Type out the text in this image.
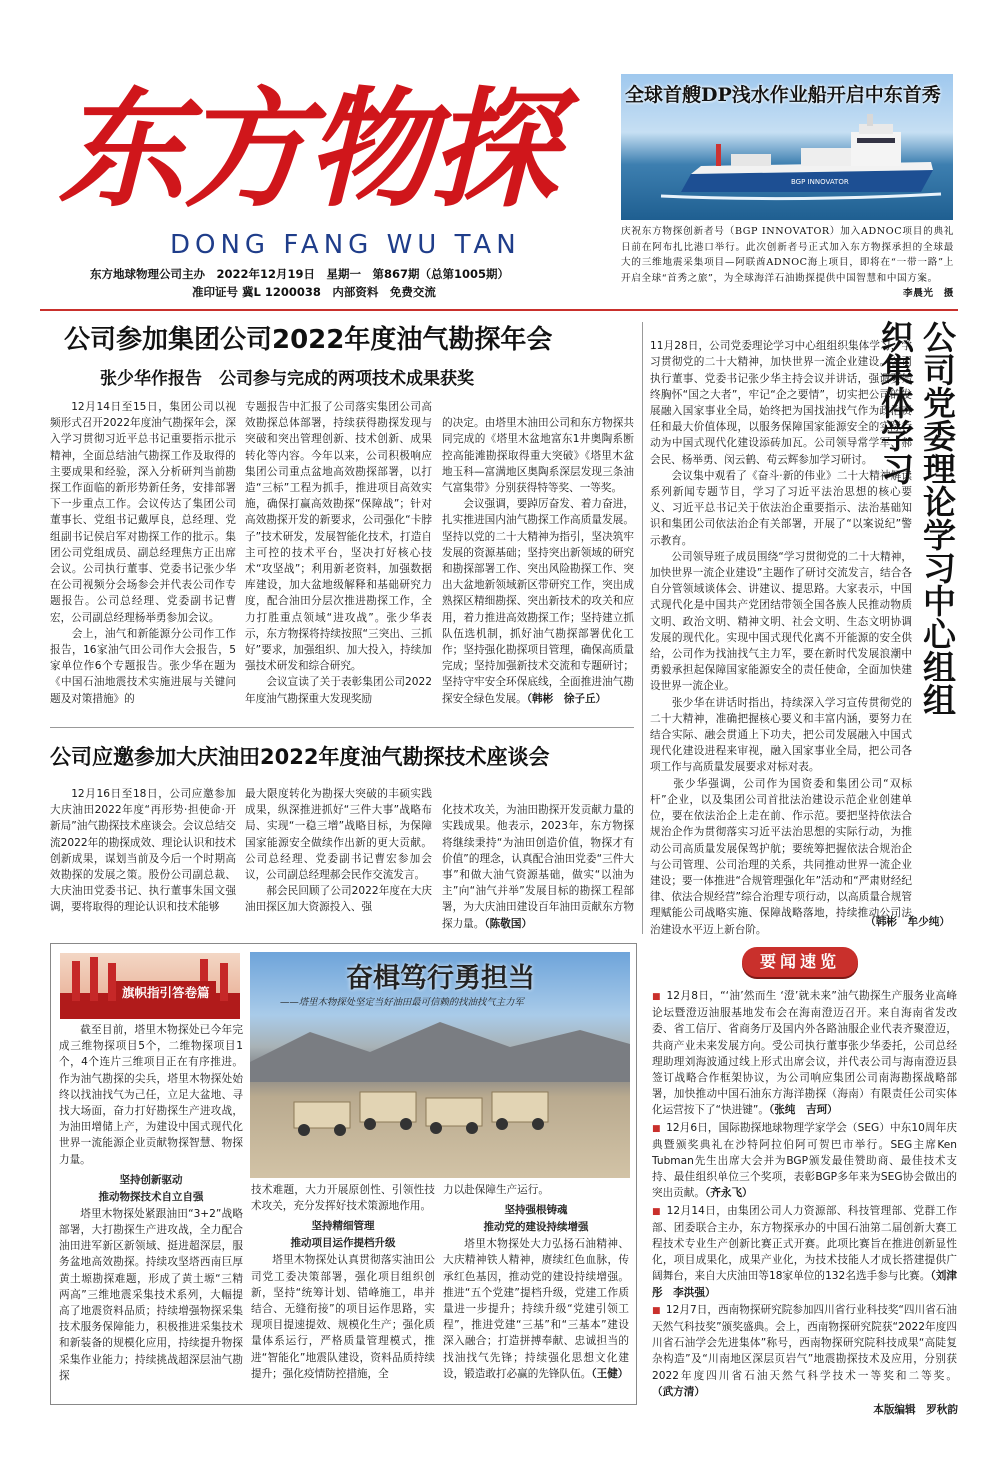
东方物探
DONG FANG WU TAN
东方地球物理公司主办　2022年12月19日　星期一　第867期（总第1005期）
准印证号 冀L 1200038　内部资料　免费交流
全球首艘DP浅水作业船开启中东首秀
BGP INNOVATOR
庆祝东方物探创新者号（BGP INNOVATOR）加入ADNOC项目的典礼日前在阿布扎比港口举行。此次创新者号正式加入东方物探承担的全球最大的三维地震采集项目—阿联酋ADNOC海上项目，即将在“一带一路”上开启全球“首秀之旅”，为全球海洋石油勘探提供中国智慧和中国方案。
李晨光　摄
公司参加集团公司2022年度油气勘探年会
张少华作报告　公司参与完成的两项技术成果获奖

12月14日至15日，集团公司以视频形式召开2022年度油气勘探年会，深入学习贯彻习近平总书记重要指示批示精神，全面总结油气勘探工作及取得的主要成果和经验，深入分析研判当前勘探工作面临的新形势新任务，安排部署下一步重点工作。会议传达了集团公司董事长、党组书记戴厚良，总经理、党组副书记侯启军对勘探工作的批示。集团公司党组成员、副总经理焦方正出席会议。公司执行董事、党委书记张少华在公司视频分会场参会并代表公司作专题报告。公司总经理、党委副书记曹宏，公司副总经理杨举勇参加会议。
　　会上，油气和新能源分公司作工作报告，16家油气田公司作大会报告，5家单位作6个专题报告。张少华在题为《中国石油地震技术实施进展与关键问题及对策措施》的

专题报告中汇报了公司落实集团公司高效勘探总体部署，持续获得勘探发现与突破和突出管理创新、技术创新、成果转化等内容。今年以来，公司积极响应集团公司重点盆地高效勘探部署，以打造“三标”工程为抓手，推进项目高效实施，确保打赢高效勘探“保障战”；针对高效勘探开发的新要求，公司强化“卡脖子”技术研发，发展智能化技术，打造自主可控的技术平台，坚决打好核心技术“攻坚战”；利用新老资料，加强数据库建设，加大盆地级解释和基础研究力度，配合油田分层次推进勘探工作，全力打胜重点领域“进攻战”。张少华表示，东方物探将持续按照“三突出、三抓好”要求，加强组织、加大投入，持续加强技术研发和综合研究。
　　会议宣读了关于表彰集团公司2022年度油气勘探重大发现奖励

的决定。由塔里木油田公司和东方物探共同完成的《塔里木盆地富东1井奥陶系断控高能滩勘探取得重大突破》《塔里木盆地玉科—富满地区奥陶系深层发现三条油气富集带》分别获得特等奖、一等奖。
　　会议强调，要踔厉奋发、着力奋进，扎实推进国内油气勘探工作高质量发展。坚持以党的二十大精神为指引，坚决筑牢发展的资源基础；坚持突出新领域的研究和勘探部署工作、突出风险勘探工作、突出大盆地新领域新区带研究工作，突出成熟探区精细勘探、突出新技术的攻关和应用，着力推进高效勘探工作；坚持建立抓队伍选机制，抓好油气勘探部署优化工作；坚持强化勘探项目管理，确保高质量完成；坚持加强新技术交流和专题研讨；坚持守牢安全环保底线，全面推进油气勘探安全绿色发展。（韩彬　徐子丘）

公司应邀参加大庆油田2022年度油气勘探技术座谈会

12月16日至18日，公司应邀参加大庆油田2022年度“再形势·担使命·开新局”油气勘探技术座谈会。会议总结交流2022年的勘探成效、理论认识和技术创新成果，谋划当前及今后一个时期高效勘探的发展之策。股份公司副总裁、大庆油田党委书记、执行董事朱国文强调，要将取得的理论认识和技术能够

最大限度转化为勘探大突破的丰硕实践成果，纵深推进抓好“三件大事”战略布局、实现“一稳三增”战略目标，为保障国家能源安全做续作出新的更大贡献。公司总经理、党委副书记曹宏参加会议，公司副总经理郝会民作交流发言。
　　郝会民回顾了公司2022年度在大庆油田探区加大资源投入、强

化技术攻关，为油田勘探开发贡献力量的实践成果。他表示，2023年，东方物探将继续秉持“为油田创造价值，物探才有价值”的理念，认真配合油田党委“三件大事”和做大油气资源基础，做实“以油为主”向“油气并举”发展目标的勘探工程部署，为大庆油田建设百年油田贡献东方物探力量。（陈敬国）

11月28日，公司党委理论学习中心组组织集体学习，学习贯彻党的二十大精神，加快世界一流企业建设。公司执行董事、党委书记张少华主持会议并讲话，强调要始终胸怀“国之大者”，牢记“企之要情”，切实把公司的发展融入国家事业全局，始终把为国找油找气作为政治责任和最大价值体现，以服务保障国家能源安全的实际行动为中国式现代化建设添砖加瓦。公司领导常学军、郝会民、杨举勇、闵云鹤、苟云辉参加学习研讨。
　　会议集中观看了《奋斗·新的伟业》二十大精神解读系列新闻专题节目，学习了习近平法治思想的核心要义、习近平总书记关于依法治企重要指示、法治基础知识和集团公司依法治企有关部署，开展了“以案说纪”警示教育。
　　公司领导班子成员围绕“学习贯彻党的二十大精神，加快世界一流企业建设”主题作了研讨交流发言，结合各自分管领域谈体会、讲建议、提思路。大家表示，中国式现代化是中国共产党团结带领全国各族人民推动物质文明、政治文明、精神文明、社会文明、生态文明协调发展的现代化。实现中国式现代化离不开能源的安全供给，公司作为找油找气主力军，要在新时代发展浪潮中勇毅承担起保障国家能源安全的责任使命，全面加快建设世界一流企业。
　　张少华在讲话时指出，持续深入学习宣传贯彻党的二十大精神，准确把握核心要义和丰富内涵，要努力在结合实际、融会贯通上下功夫，把公司发展融入中国式现代化建设进程来审视，融入国家事业全局，把公司各项工作与高质量发展要求对标对表。
　　张少华强调，公司作为国资委和集团公司“双标杆”企业，以及集团公司首批法治建设示范企业创建单位，要在依法治企上走在前、作示范。要把坚持依法合规治企作为贯彻落实习近平法治思想的实际行动，为推动公司高质量发展保驾护航；要统筹把握依法合规治企与公司管理、公司治理的关系，共同推动世界一流企业建设；要一体推进“合规管理强化年”活动和“严肃财经纪律、依法合规经营”综合治理专项行动，以高质量合规管理赋能公司战略实施、保障战略落地，持续推动公司法治建设水平迈上新台阶。

（韩彬　牟少纯）
公司党委理论学习中心组组织集体学习
旗帜指引答卷篇	奋楫笃行勇担当
——塔里木物探处坚定当好油田最可信赖的找油找气主力军

截至目前，塔里木物探处已今年完成三维物探项目5个，二维物探项目1个，4个连片三维项目正在有序推进。作为油气勘探的尖兵，塔里木物探处始终以找油找气为己任，立足大盆地、寻找大场面，奋力打好勘探生产进攻战，为油田增储上产，为建设中国式现代化世界一流能源企业贡献物探智慧、物探力量。

坚持创新驱动
推动物探技术自立自强

塔里木物探处紧跟油田“3+2”战略部署，大打勘探生产进攻战，全力配合油田进军新区新领域、挺进超深层，服务盆地高效勘探。持续攻坚塔西南巨厚黄土塬勘探难题，形成了黄土塬“三精两高”三维地震采集技术系列，大幅提高了地震资料品质；持续增强物探采集技术服务保障能力，积极推进采集技术和新装备的规模化应用，持续提升物探采集作业能力；持续挑战超深层油气勘探

技术难题，大力开展原创性、引领性技术攻关，充分发挥好技术策源地作用。

坚持精细管理
推动项目运作提档升级

塔里木物探处认真贯彻落实油田公司党工委决策部署，强化项目组织创新，坚持“统筹计划、错峰施工，串并结合、无缝衔接”的项目运作思路，实现项目提速提效、规模化生产；强化质量体系运行，严格质量管理模式，推进“智能化”地震队建设，资料品质持续提升；强化疫情防控措施，全

力以赴保障生产运行。

坚持强根铸魂
推动党的建设持续增强

塔里木物探处大力弘扬石油精神、大庆精神铁人精神，赓续红色血脉，传承红色基因，推动党的建设持续增强。推进“五个党建”提档升级，党建工作质量进一步提升；持续升级“党建引领工程”，推进党建“三基”和“三基本”建设深入融合；打造拼搏奉献、忠诚担当的找油找气先锋；持续强化思想文化建设，锻造敢打必赢的先锋队伍。（王健）

要闻速览

■ 12月8日，“‘油’然而生 ‘澄’就未来”油气勘探生产服务业高峰论坛暨澄迈油服基地发布会在海南澄迈召开。来自海南省发改委、省工信厅、省商务厅及国内外各路油服企业代表齐聚澄迈，共商产业未来发展方向。受公司执行董事张少华委托，公司总经理助理刘海波通过线上形式出席会议，并代表公司与海南澄迈县签订战略合作框架协议，为公司响应集团公司南海勘探战略部署，加快推动中国石油东方海洋勘探（海南）有限责任公司实体化运营按下了“快进键”。（张纯　吉珂）

■ 12月6日，国际勘探地球物理学家学会（SEG）中东10周年庆典暨颁奖典礼在沙特阿拉伯阿可贺巴市举行。SEG主席Ken Tubman先生出席大会并为BGP颁发最佳赞助商、最佳技术支持、最佳组织单位三个奖项，表彰BGP多年来为SEG协会做出的突出贡献。（齐永飞）

■ 12月14日，由集团公司人力资源部、科技管理部、党群工作部、团委联合主办，东方物探承办的中国石油第二届创新大赛工程技术专业生产创新比赛正式开赛。此项比赛旨在推进创新显性化，项目成果化，成果产业化，为技术技能人才成长搭建提供广阔舞台，来自大庆油田等18家单位的132名选手参与比赛。（刘津彤　李洪强）

■ 12月7日，西南物探研究院参加四川省行业科技奖“四川省石油天然气科技奖”颁奖盛典。会上，西南物探研究院获“2022年度四川省石油学会先进集体”称号，西南物探研究院科技成果“高陡复杂构造”及“川南地区深层页岩气”地震勘探技术及应用，分别获2022年度四川省石油天然气科学技术一等奖和二等奖。（武方清）

本版编辑　罗秋韵
